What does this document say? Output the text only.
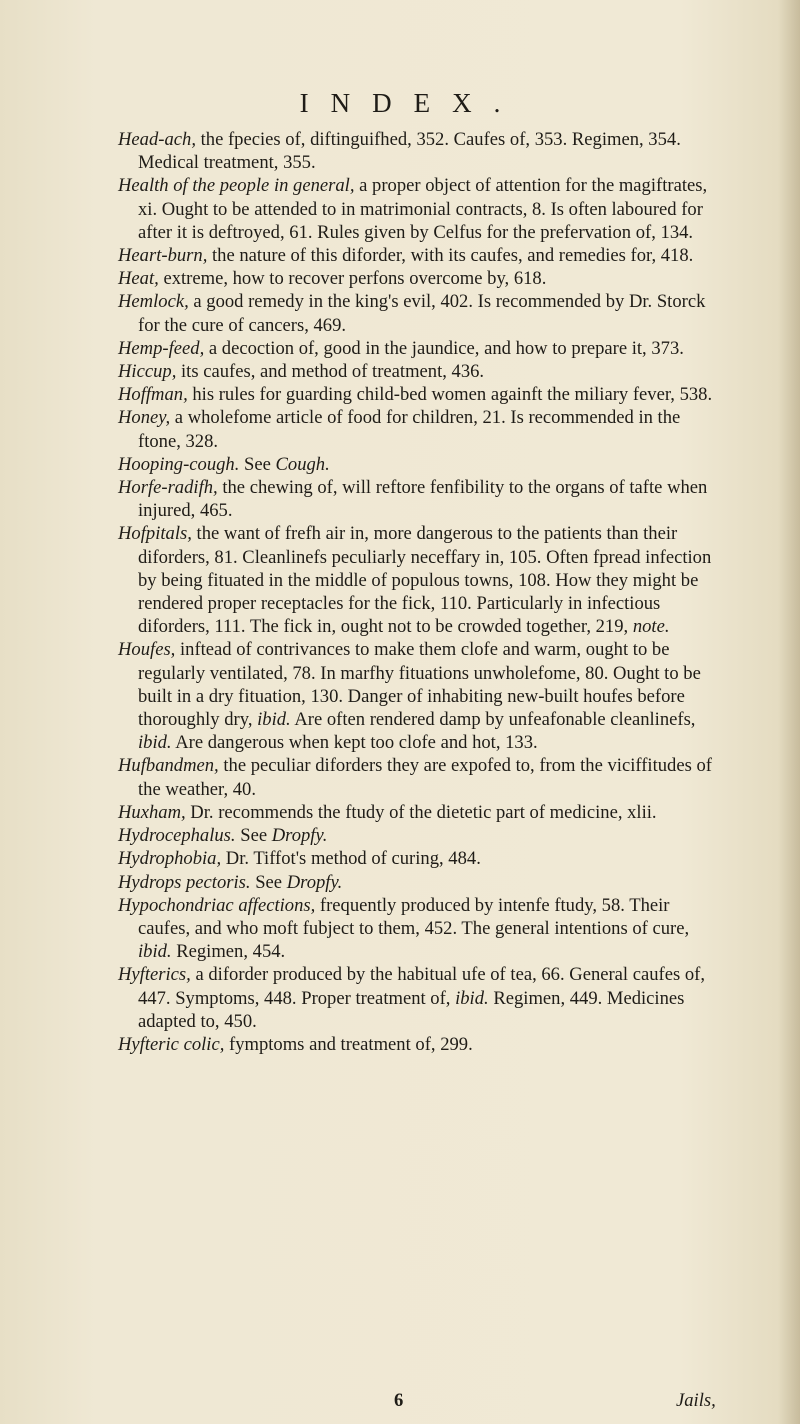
INDEX.

Head-ach, the fpecies of, diftinguifhed, 352. Caufes of, 353. Regimen, 354. Medical treatment, 355.

Health of the people in general, a proper object of attention for the magiftrates, xi. Ought to be attended to in matrimonial contracts, 8. Is often laboured for after it is deftroyed, 61. Rules given by Celfus for the prefervation of, 134.

Heart-burn, the nature of this diforder, with its caufes, and remedies for, 418.

Heat, extreme, how to recover perfons overcome by, 618.

Hemlock, a good remedy in the king's evil, 402. Is recommended by Dr. Storck for the cure of cancers, 469.

Hemp-feed, a decoction of, good in the jaundice, and how to prepare it, 373.

Hiccup, its caufes, and method of treatment, 436.

Hoffman, his rules for guarding child-bed women againft the miliary fever, 538.

Honey, a wholefome article of food for children, 21. Is recommended in the ftone, 328.

Hooping-cough. See Cough.

Horfe-radifh, the chewing of, will reftore fenfibility to the organs of tafte when injured, 465.

Hofpitals, the want of frefh air in, more dangerous to the patients than their diforders, 81. Cleanlinefs peculiarly neceffary in, 105. Often fpread infection by being fituated in the middle of populous towns, 108. How they might be rendered proper receptacles for the fick, 110. Particularly in infectious diforders, 111. The fick in, ought not to be crowded together, 219, note.

Houfes, inftead of contrivances to make them clofe and warm, ought to be regularly ventilated, 78. In marfhy fituations unwholefome, 80. Ought to be built in a dry fituation, 130. Danger of inhabiting new-built houfes before thoroughly dry, ibid. Are often rendered damp by unfeafonable cleanlinefs, ibid. Are dangerous when kept too clofe and hot, 133.

Hufbandmen, the peculiar diforders they are expofed to, from the viciffitudes of the weather, 40.

Huxham, Dr. recommends the ftudy of the dietetic part of medicine, xlii.

Hydrocephalus. See Dropfy.

Hydrophobia, Dr. Tiffot's method of curing, 484.

Hydrops pectoris. See Dropfy.

Hypochondriac affections, frequently produced by intenfe ftudy, 58. Their caufes, and who moft fubject to them, 452. The general intentions of cure, ibid. Regimen, 454.

Hyfterics, a diforder produced by the habitual ufe of tea, 66. General caufes of, 447. Symptoms, 448. Proper treatment of, ibid. Regimen, 449. Medicines adapted to, 450.

Hyfteric colic, fymptoms and treatment of, 299.

6	Jails,
